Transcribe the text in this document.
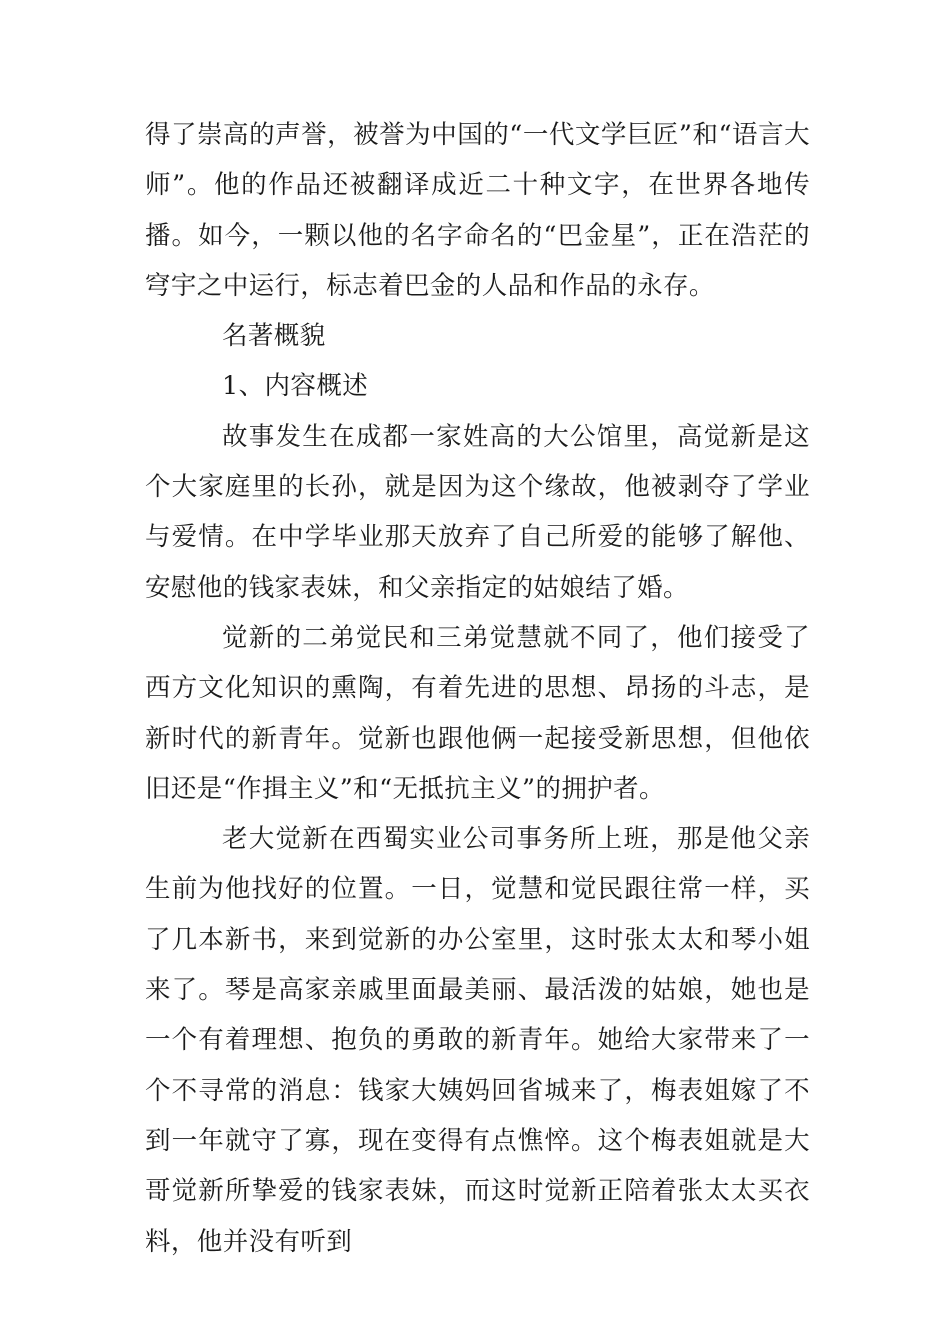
得了崇高的声誉，被誉为中国的“一代文学巨匠”和“语言大师”。他的作品还被翻译成近二十种文字，在世界各地传播。如今，一颗以他的名字命名的“巴金星”，正在浩茫的穹宇之中运行，标志着巴金的人品和作品的永存。

名著概貌

1、内容概述

故事发生在成都一家姓高的大公馆里，高觉新是这个大家庭里的长孙，就是因为这个缘故，他被剥夺了学业与爱情。在中学毕业那天放弃了自己所爱的能够了解他、安慰他的钱家表妹，和父亲指定的姑娘结了婚。

觉新的二弟觉民和三弟觉慧就不同了，他们接受了西方文化知识的熏陶，有着先进的思想、昂扬的斗志，是新时代的新青年。觉新也跟他俩一起接受新思想，但他依旧还是“作揖主义”和“无抵抗主义”的拥护者。

老大觉新在西蜀实业公司事务所上班，那是他父亲生前为他找好的位置。一日，觉慧和觉民跟往常一样，买了几本新书，来到觉新的办公室里，这时张太太和琴小姐来了。琴是高家亲戚里面最美丽、最活泼的姑娘，她也是一个有着理想、抱负的勇敢的新青年。她给大家带来了一个不寻常的消息：钱家大姨妈回省城来了，梅表姐嫁了不到一年就守了寡，现在变得有点憔悴。这个梅表姐就是大哥觉新所挚爱的钱家表妹，而这时觉新正陪着张太太买衣料，他并没有听到
